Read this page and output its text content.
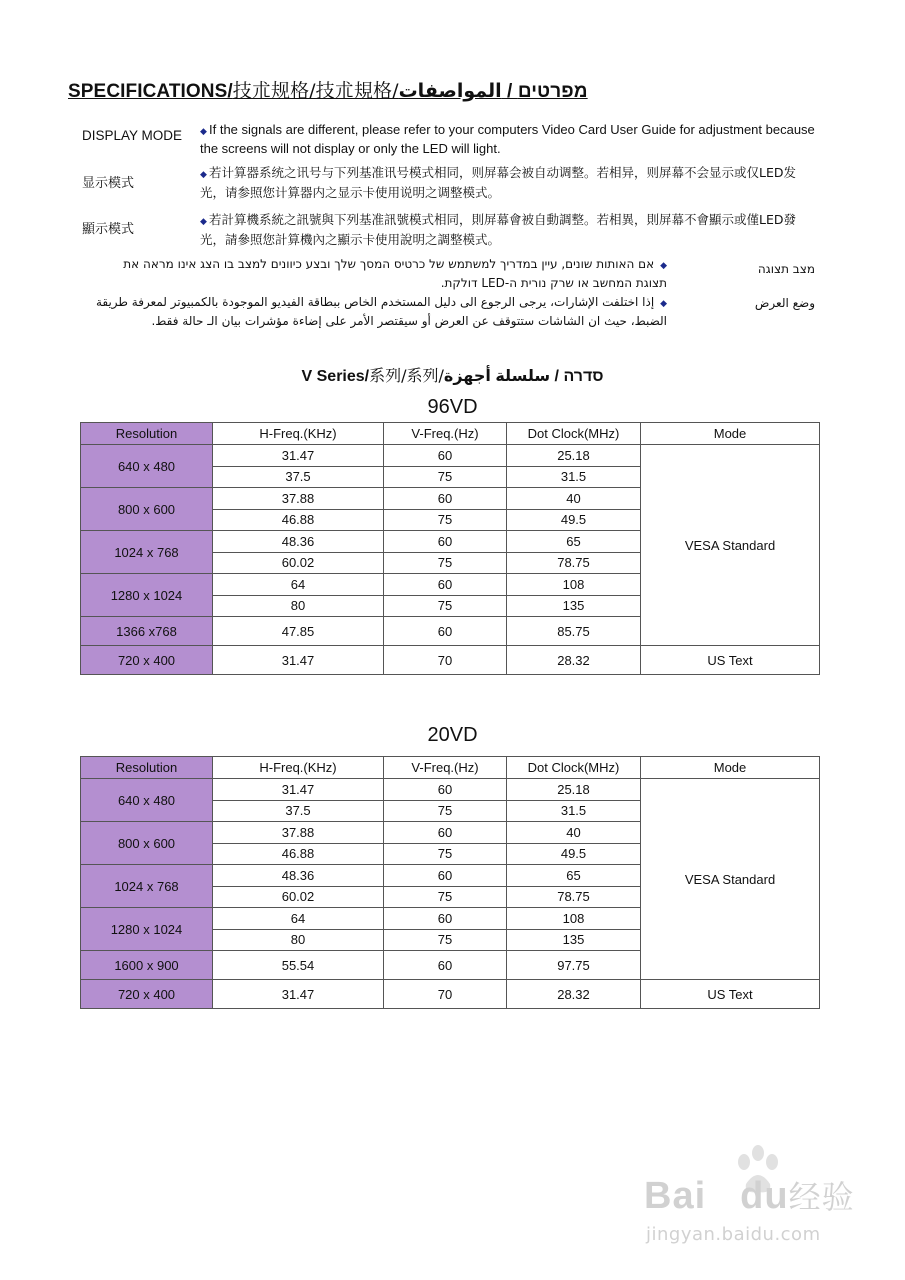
SPECIFICATIONS/技朮规格/技朮規格/	מפרטים / المواصفات
DISPLAY MODE ◆ If the signals are different, please refer to your computers Video Card User Guide for adjustment because the screens will not display or only the LED will light.
显示模式
◆ 若计算器系统之讯号与下列基准讯号模式相同，则屏幕会被自动调整。若相异，则屏幕不会显示或仅LED发光，请参照您计算器内之显示卡使用说明之调整模式。
顯示模式	◆ 若計算機系統之訊號與下列基准訊號模式相同，則屏幕會被自動調整。若相異，則屏幕不會顯示或僅LED發光，請參照您計算機內之顯示卡使用說明之調整模式。
מצב תצוגה
◆ אם האותות שונים, עיין במדריך למשתמש של כרטיס המסך שלך ובצע כיוונים למצב בו הצג אינו מראה את תצוגת המחשב או שרק נורית ה-LED דולקת.
وضع العرض
◆ إذا اختلفت الإشارات، يرجى الرجوع الى دليل المستخدم الخاص ببطاقة الفيديو الموجودة بالكمبيوتر لمعرفة طريقة الضبط، حيث ان الشاشات ستتوقف عن العرض أو سيقتصر الأمر على إضاءة مؤشرات بيان الـ حالة فقط.
V Series/系列/系列/	סדרה / سلسلة أجهزة
96VD
Resolution	H-Freq.(KHz)	V-Freq.(Hz)	Dot Clock(MHz)	Mode
640 x 480	31.47	60	25.18	VESA Standard
	37.5	75	31.5	
800 x 600	37.88	60	40	
	46.88	75	49.5	
1024 x 768	48.36	60	65	
	60.02	75	78.75	
1280 x 1024	64	60	108	
	80	75	135	
1366 x768	47.85	60	85.75	
720 x 400	31.47	70	28.32	US Text
20VD
Resolution	H-Freq.(KHz)	V-Freq.(Hz)	Dot Clock(MHz)	Mode
640 x 480	31.47	60	25.18	VESA Standard
	37.5	75	31.5	
800 x 600	37.88	60	40	
	46.88	75	49.5	
1024 x 768	48.36	60	65	
	60.02	75	78.75	
1280 x 1024	64	60	108	
	80	75	135	
1600 x 900	55.54	60	97.75	
720 x 400	31.47	70	28.32	US Text
Bai du经验
jingyan.baidu.com
